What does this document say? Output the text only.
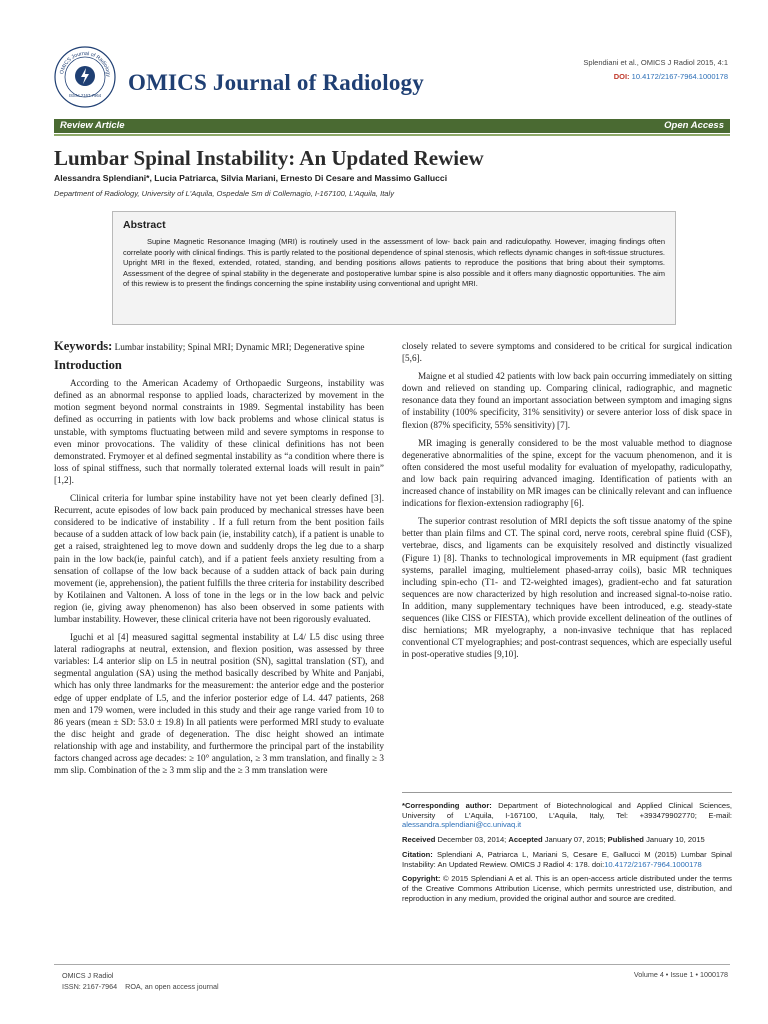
OMICS Journal of Radiology
ISSN: 2167-7964
OMICS Journal of Radiology
Splendiani et al., OMICS J Radiol 2015, 4:1
DOI: 10.4172/2167-7964.1000178
Review Article	Open Access
Lumbar Spinal Instability: An Updated Rewiew
Alessandra Splendiani*, Lucia Patriarca, Silvia Mariani, Ernesto Di Cesare and Massimo Gallucci
Department of Radiology, University of L'Aquila, Ospedale Sm di Collemagio, I-167100, L'Aquila, Italy
Abstract

Supine Magnetic Resonance Imaging (MRI) is routinely used in the assessment of low- back pain and radiculopathy. However, imaging findings often correlate poorly with clinical findings. This is partly related to the positional dependence of spinal stenosis, which reflects dynamic changes in soft-tissue structures. Upright MRI in the flexed, extended, rotated, standing, and bending positions allows patients to reproduce the positions that bring about their symptoms. Assessment of the degree of spinal stability in the degenerate and postoperative lumbar spine is also possible and it offers many diagnostic opportunities. The aim of this rewiew is to present the findings concerning the spine instability using conventional and upright MRI.

Keywords: Lumbar instability; Spinal MRI; Dynamic MRI; Degenerative spine

Introduction

According to the American Academy of Orthopaedic Surgeons, instability was defined as an abnormal response to applied loads, characterized by movement in the motion segment beyond normal constraints in 1989. Segmental instability has been defined as occurring in patients with low back problems and whose clinical status is unstable, with symptoms fluctuating between mild and severe symptoms in response to even minor provocations. The validity of these clinical definitions has not been demonstrated. Frymoyer et al defined segmental instability as “a condition where there is loss of spinal stiffness, such that normally tolerated external loads will result in pain” [1,2].

Clinical criteria for lumbar spine instability have not yet been clearly defined [3]. Recurrent, acute episodes of low back pain produced by mechanical stresses have been considered to be indicative of instability . If a full return from the bent position fails because of a sudden attack of low back pain (ie, instability catch), if a patient is unable to get a raised, straightened leg to move down and suddenly drops the leg due to a sharp pain in the low back(ie, painful catch), and if a patient feels anxiety resulting from a sensation of collapse of the low back because of a sudden attack of back pain during movement (ie, apprehension), the patient fulfills the three criteria for instability described by Kotilainen and Valtonen. A loss of tone in the legs or in the low back and pelvic region (ie, giving away phenomenon) has also been observed in some patients with lumbar instability. However, these clinical criteria have not been rigorously evaluated.

Iguchi et al [4] measured sagittal segmental instability at L4/ L5 disc using three lateral radiographs at neutral, extension, and flexion position, was assessed by three variables: L4 anterior slip on L5 in neutral position (SN), sagittal translation (ST), and segmental angulation (SA) using the method basically described by White and Panjabi, which has only three landmarks for the measurement: the anterior edge and the posterior edge of upper endplate of L5, and the inferior posterior edge of L4. 447 patients, 268 men and 179 women, were included in this study and their age range varied from 10 to 86 years (mean ± SD: 53.0 ± 19.8) In all patients were performed MRI study to evaluate the disc height and grade of degeneration. The disc height showed an intimate relationship with age and instability, and furthermore the principal part of the instability factors changed across age decades: ≥ 10° angulation, ≥ 3 mm translation, and finally ≥ 3 mm slip. Combination of the ≥ 3 mm slip and the ≥ 3 mm translation were

closely related to severe symptoms and considered to be critical for surgical indication [5,6].

Maigne et al studied 42 patients with low back pain occurring immediately on sitting down and relieved on standing up. Comparing clinical, radiographic, and magnetic resonance data they found an important association between symptom and imaging signs of instability (100% specificity, 31% sensitivity) or severe anterior loss of disk space in flexion (87% specificity, 55% sensitivity) [7].

MR imaging is generally considered to be the most valuable method to diagnose degenerative abnormalities of the spine, except for the vacuum phenomenon, and it is often considered the most useful modality for evaluation of myelopathy, radiculopathy, and low back pain requiring advanced imaging. Identification of patients with an increased chance of instability on MR images can be clinically relevant and can influence indications for flexion-extension radiography [6].

The superior contrast resolution of MRI depicts the soft tissue anatomy of the spine better than plain films and CT. The spinal cord, nerve roots, cerebral spine fluid (CSF), vertebrae, discs, and ligaments can be exquisitely resolved and distinctly visualized (Figure 1) [8]. Thanks to technological improvements in MR equipment (fast gradient systems, parallel imaging, multielement phased-array coils), basic MR techniques including spin-echo (T1- and T2-weighted images), gradient-echo and fat saturation sequences are now characterized by high resolution and increased signal-to-noise ratio. In addition, many supplementary techniques have been introduced, e.g. steady-state sequences (like CISS or FIESTA), which provide excellent delineation of the outlines of disc herniations; MR myelography, a non-invasive technique that has replaced conventional CT myelographies; and post-contrast sequences, which are especially useful in post-operative studies [9,10].

*Corresponding author: Department of Biotechnological and Applied Clinical Sciences, University of L'Aquila, I-167100, L'Aquila, Italy, Tel: +393479902770; E-mail: alessandra.splendiani@cc.univaq.it

Received December 03, 2014; Accepted January 07, 2015; Published January 10, 2015

Citation: Splendiani A, Patriarca L, Mariani S, Cesare E, Gallucci M (2015) Lumbar Spinal Instability: An Updated Rewiew. OMICS J Radiol 4: 178. doi:10.4172/2167-7964.1000178

Copyright: © 2015 Splendiani A et al. This is an open-access article distributed under the terms of the Creative Commons Attribution License, which permits unrestricted use, distribution, and reproduction in any medium, provided the original author and source are credited.

OMICS J Radiol
ISSN: 2167-7964    ROA, an open access journal
Volume 4 • Issue 1 • 1000178
